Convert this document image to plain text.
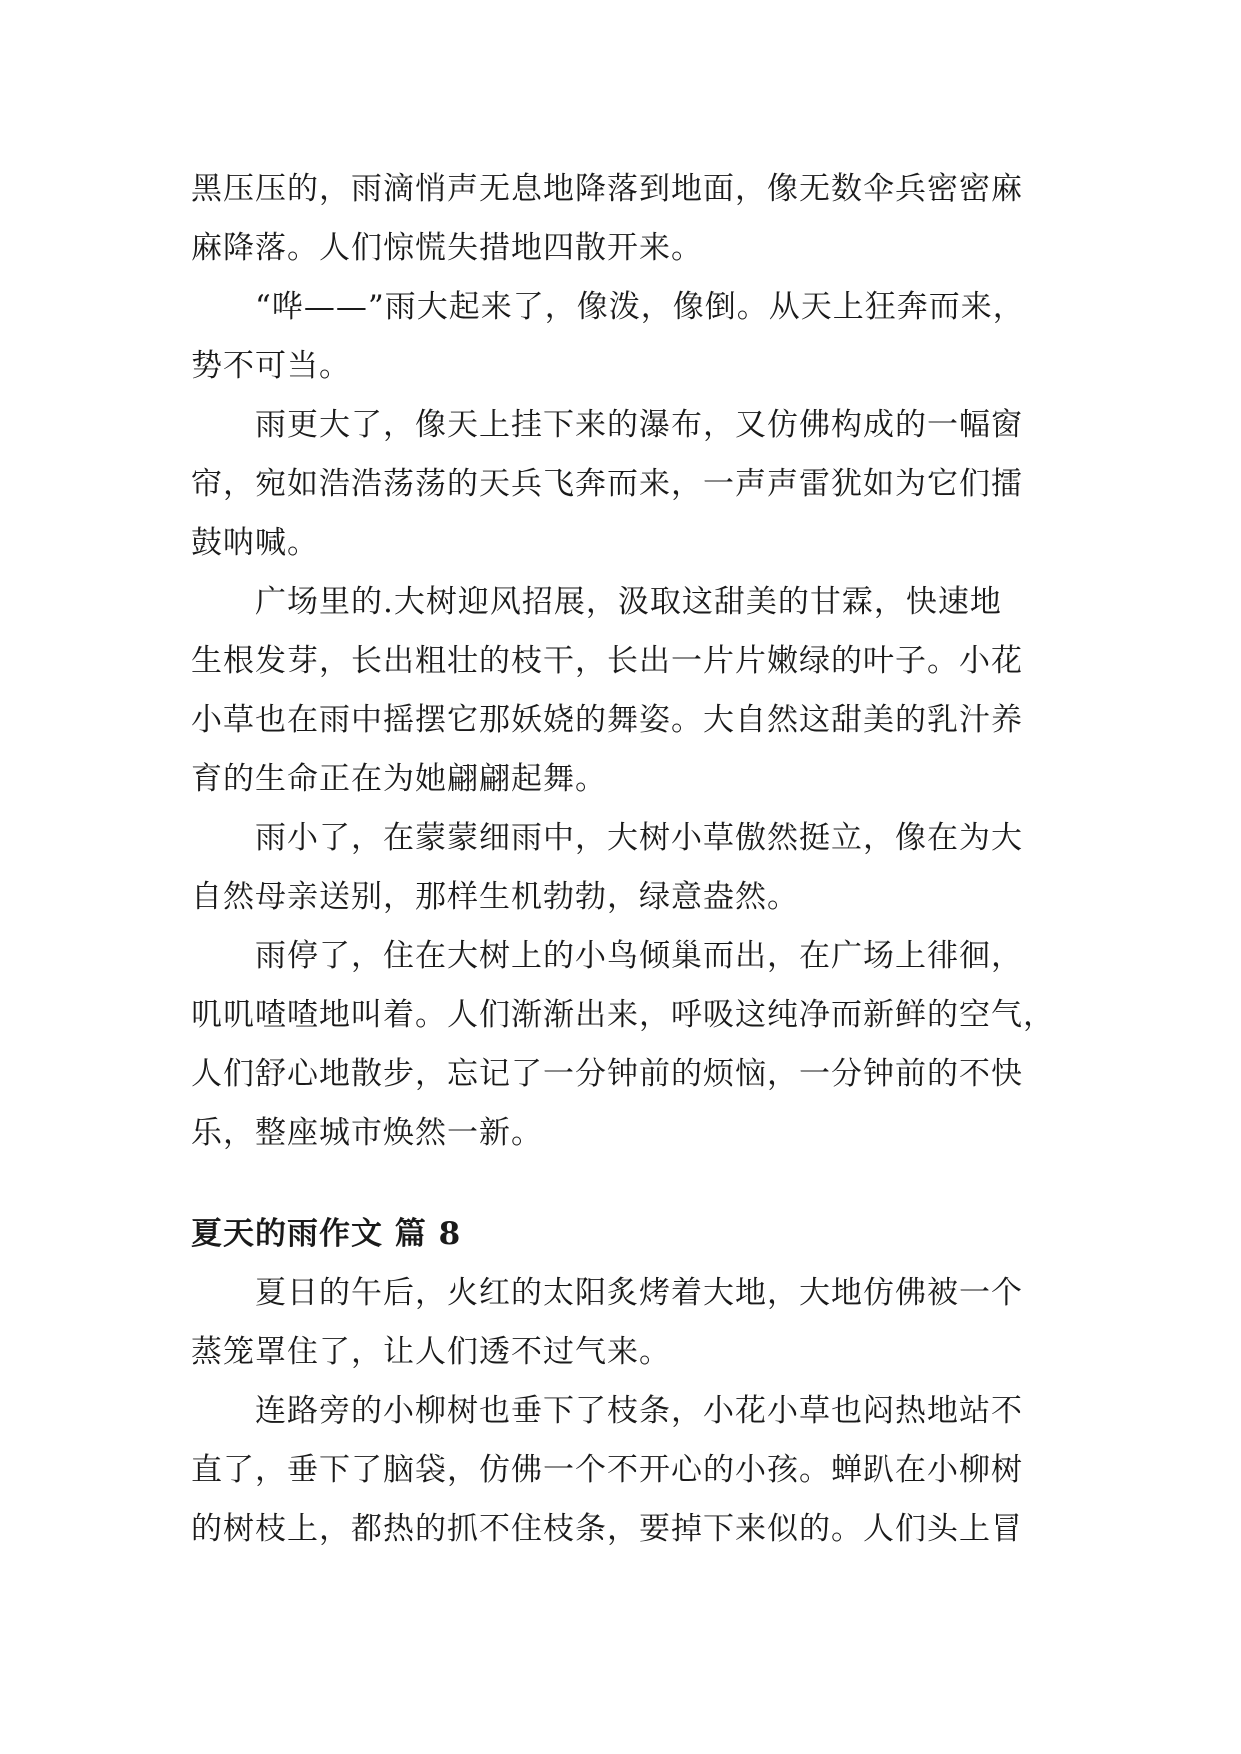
黑压压的，雨滴悄声无息地降落到地面，像无数伞兵密密麻
麻降落。人们惊慌失措地四散开来。

　　“哗——”雨大起来了，像泼，像倒。从天上狂奔而来，
势不可当。

　　雨更大了，像天上挂下来的瀑布，又仿佛构成的一幅窗
帘，宛如浩浩荡荡的天兵飞奔而来，一声声雷犹如为它们擂
鼓呐喊。

　　广场里的.大树迎风招展，汲取这甜美的甘霖，快速地
生根发芽，长出粗壮的枝干，长出一片片嫩绿的叶子。小花
小草也在雨中摇摆它那妖娆的舞姿。大自然这甜美的乳汁养
育的生命正在为她翩翩起舞。

　　雨小了，在蒙蒙细雨中，大树小草傲然挺立，像在为大
自然母亲送别，那样生机勃勃，绿意盎然。

　　雨停了，住在大树上的小鸟倾巢而出，在广场上徘徊，
叽叽喳喳地叫着。人们渐渐出来，呼吸这纯净而新鲜的空气，
人们舒心地散步，忘记了一分钟前的烦恼，一分钟前的不快
乐，整座城市焕然一新。

夏天的雨作文 篇 8

　　夏日的午后，火红的太阳炙烤着大地，大地仿佛被一个
蒸笼罩住了，让人们透不过气来。

　　连路旁的小柳树也垂下了枝条，小花小草也闷热地站不
直了，垂下了脑袋，仿佛一个不开心的小孩。蝉趴在小柳树
的树枝上，都热的抓不住枝条，要掉下来似的。人们头上冒
